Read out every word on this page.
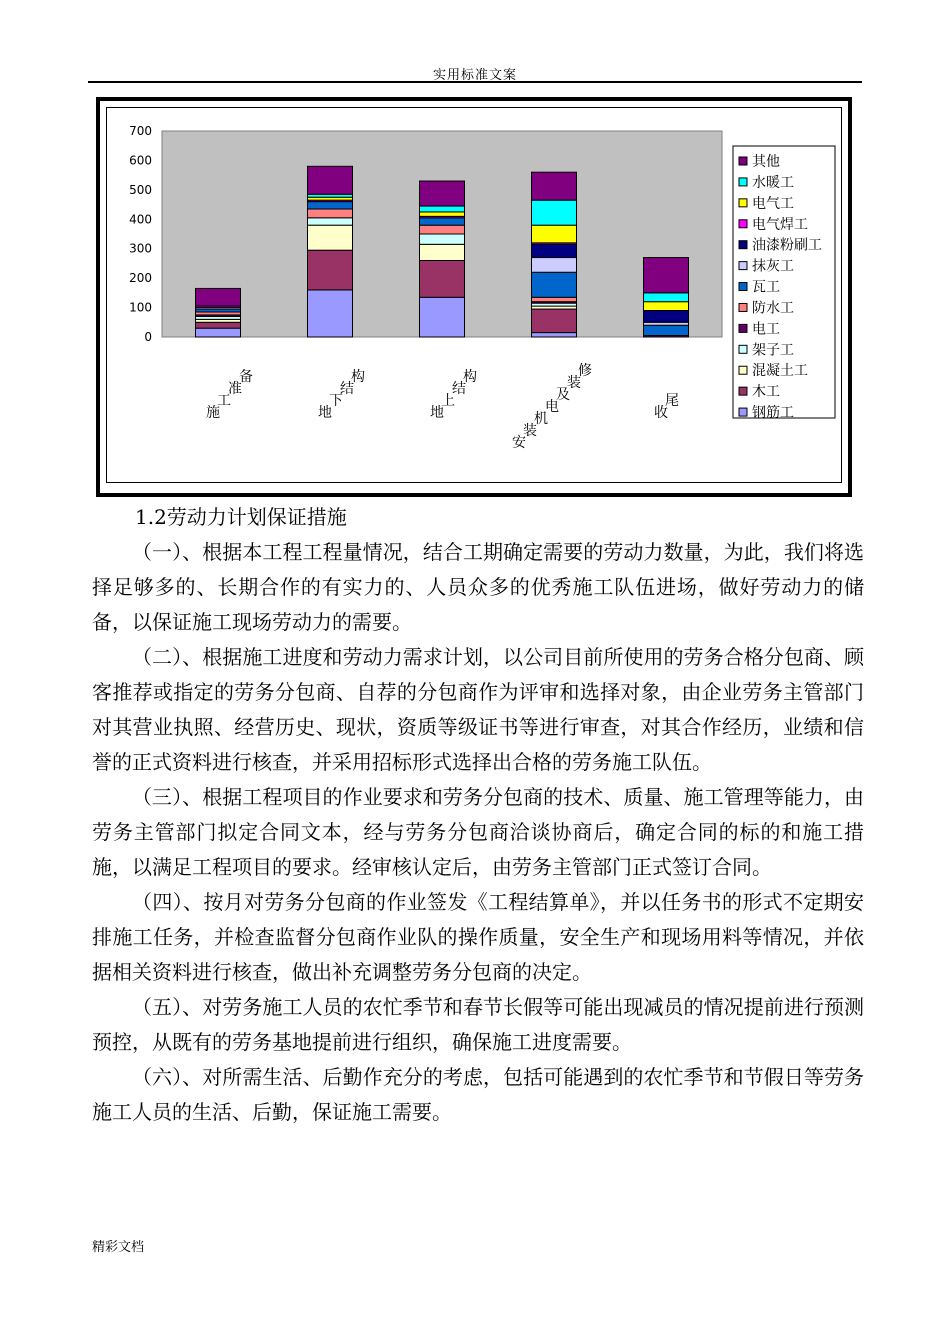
实用标准文案
0
100
200
300
400
500
600
700
施
工
准
备
地
下
结
构
地
上
结
构
安
装
机
电
及
装
修
收
尾
其他
水暖工
电气工
电气焊工
油漆粉刷工
抹灰工
瓦工
防水工
电工
架子工
混凝土工
木工
钢筋工
1.2劳动力计划保证措施

（一）、根据本工程工程量情况，结合工期确定需要的劳动力数量，为此，我们将选择足够多的、长期合作的有实力的、人员众多的优秀施工队伍进场，做好劳动力的储备，以保证施工现场劳动力的需要。

（二）、根据施工进度和劳动力需求计划，以公司目前所使用的劳务合格分包商、顾客推荐或指定的劳务分包商、自荐的分包商作为评审和选择对象，由企业劳务主管部门对其营业执照、经营历史、现状，资质等级证书等进行审查，对其合作经历，业绩和信誉的正式资料进行核查，并采用招标形式选择出合格的劳务施工队伍。

（三）、根据工程项目的作业要求和劳务分包商的技术、质量、施工管理等能力，由劳务主管部门拟定合同文本，经与劳务分包商洽谈协商后，确定合同的标的和施工措施，以满足工程项目的要求。经审核认定后，由劳务主管部门正式签订合同。

（四）、按月对劳务分包商的作业签发《工程结算单》，并以任务书的形式不定期安排施工任务，并检查监督分包商作业队的操作质量，安全生产和现场用料等情况，并依据相关资料进行核查，做出补充调整劳务分包商的决定。

（五）、对劳务施工人员的农忙季节和春节长假等可能出现减员的情况提前进行预测预控，从既有的劳务基地提前进行组织，确保施工进度需要。

（六）、对所需生活、后勤作充分的考虑，包括可能遇到的农忙季节和节假日等劳务施工人员的生活、后勤，保证施工需要。

精彩文档
